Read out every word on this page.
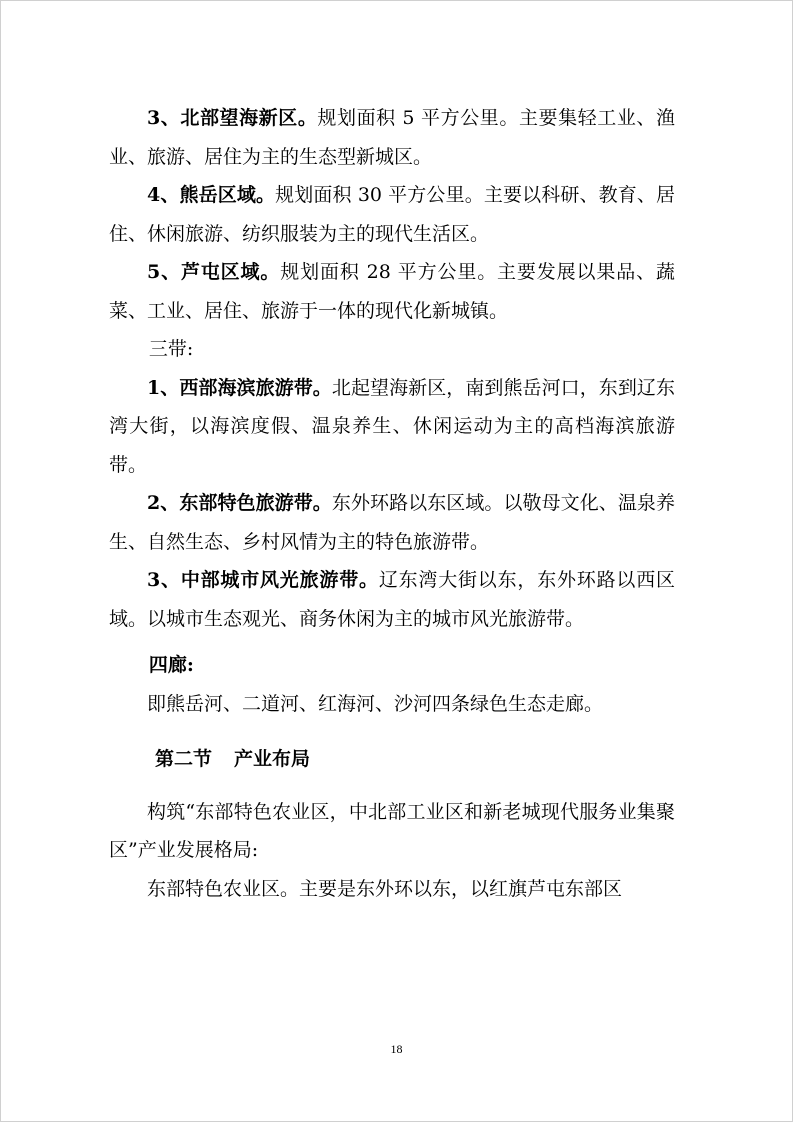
3、北部望海新区。规划面积 5 平方公里。主要集轻工业、渔业、旅游、居住为主的生态型新城区。

4、熊岳区域。规划面积 30 平方公里。主要以科研、教育、居住、休闲旅游、纺织服装为主的现代生活区。

5、芦屯区域。规划面积 28 平方公里。主要发展以果品、蔬菜、工业、居住、旅游于一体的现代化新城镇。

三带:

1、西部海滨旅游带。北起望海新区，南到熊岳河口，东到辽东湾大街，以海滨度假、温泉养生、休闲运动为主的高档海滨旅游带。

2、东部特色旅游带。东外环路以东区域。以敬母文化、温泉养生、自然生态、乡村风情为主的特色旅游带。

3、中部城市风光旅游带。辽东湾大街以东，东外环路以西区域。以城市生态观光、商务休闲为主的城市风光旅游带。

四廊:

即熊岳河、二道河、红海河、沙河四条绿色生态走廊。

第二节 产业布局

构筑“东部特色农业区，中北部工业区和新老城现代服务业集聚区”产业发展格局:

东部特色农业区。主要是东外环以东，以红旗芦屯东部区

18
